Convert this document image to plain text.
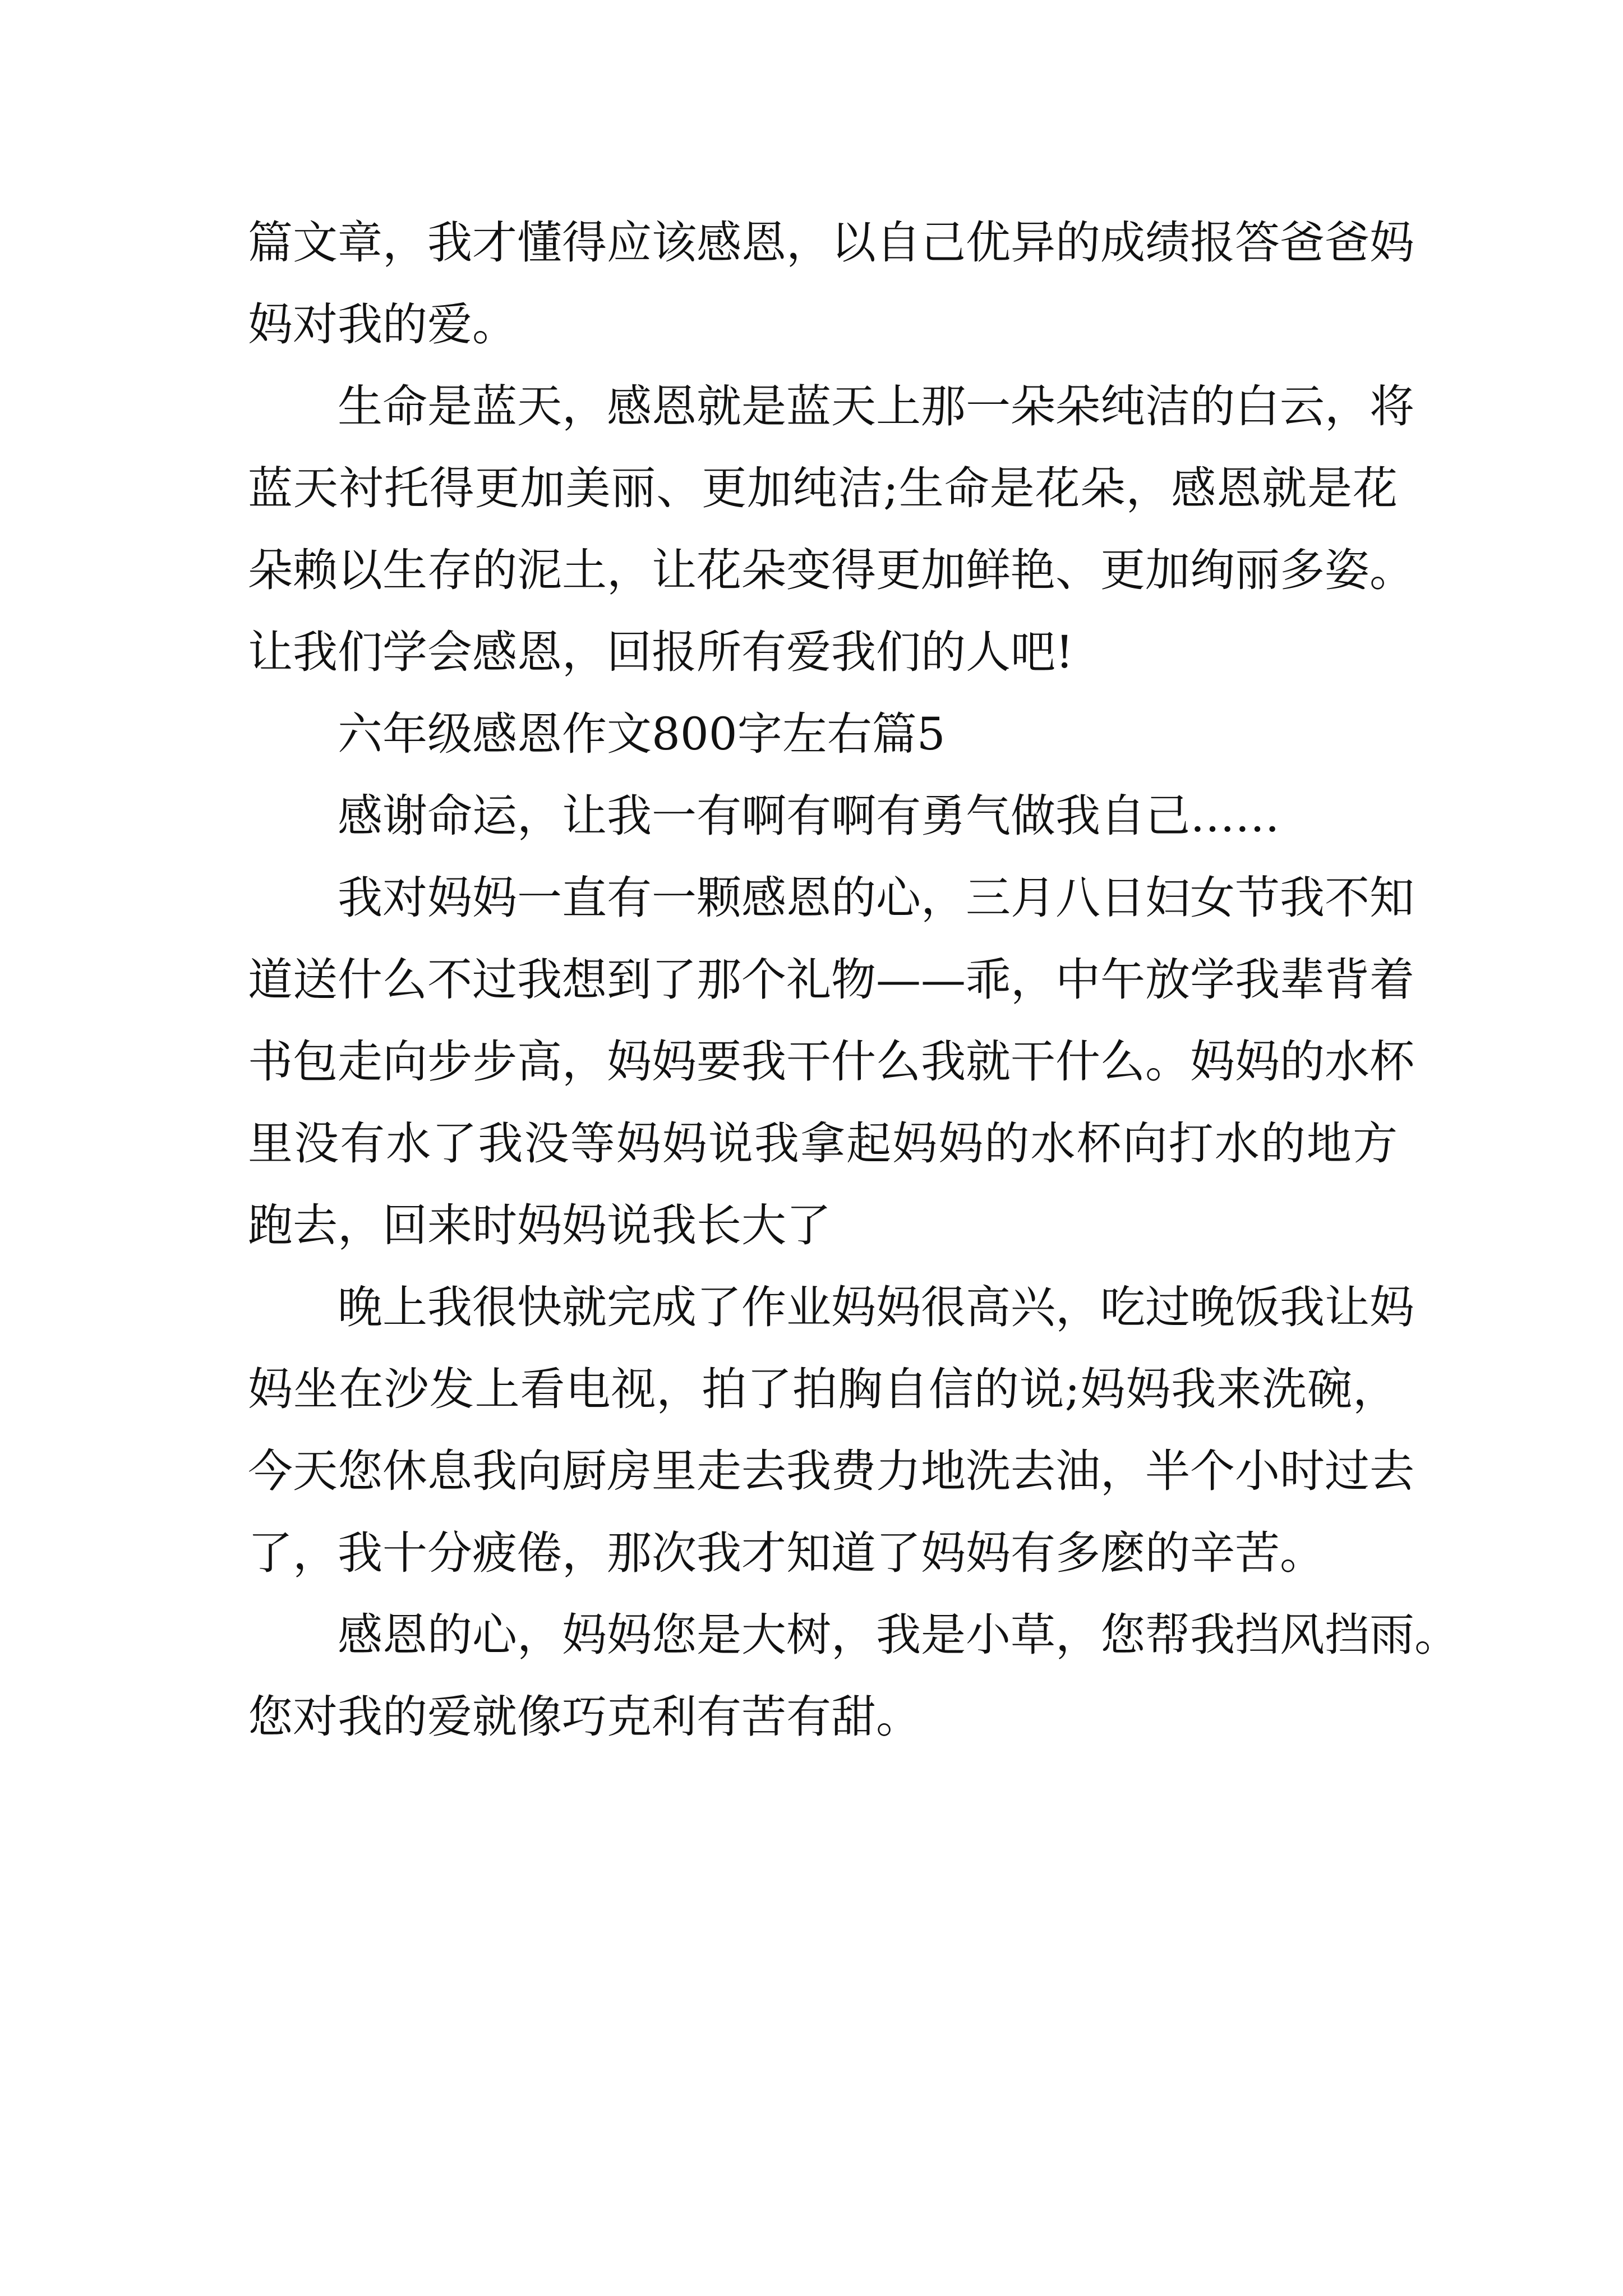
篇文章，我才懂得应该感恩，以自己优异的成绩报答爸爸妈
妈对我的爱。
生命是蓝天，感恩就是蓝天上那一朵朵纯洁的白云，将
蓝天衬托得更加美丽、更加纯洁;生命是花朵，感恩就是花
朵赖以生存的泥土，让花朵变得更加鲜艳、更加绚丽多姿。
让我们学会感恩，回报所有爱我们的人吧!
六年级感恩作文800字左右篇5
感谢命运，让我一有啊有啊有勇气做我自己……
我对妈妈一直有一颗感恩的心，三月八日妇女节我不知
道送什么不过我想到了那个礼物——乖，中午放学我辈背着
书包走向步步高，妈妈要我干什么我就干什么。妈妈的水杯
里没有水了我没等妈妈说我拿起妈妈的水杯向打水的地方
跑去，回来时妈妈说我长大了
晚上我很快就完成了作业妈妈很高兴，吃过晚饭我让妈
妈坐在沙发上看电视，拍了拍胸自信的说;妈妈我来洗碗，
今天您休息我向厨房里走去我费力地洗去油，半个小时过去
了，我十分疲倦，那次我才知道了妈妈有多麽的辛苦。
感恩的心，妈妈您是大树，我是小草，您帮我挡风挡雨。
您对我的爱就像巧克利有苦有甜。
